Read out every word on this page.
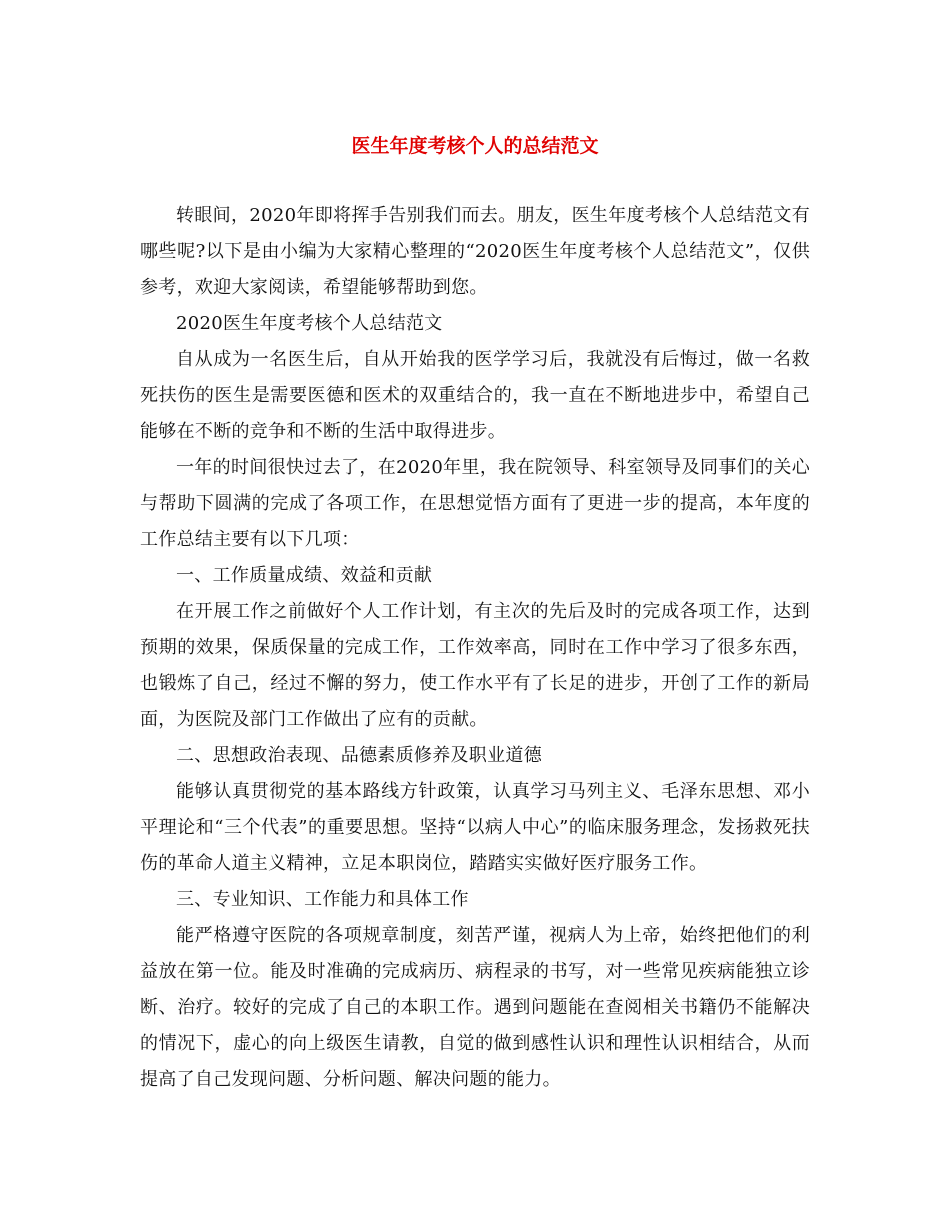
医生年度考核个人的总结范文

转眼间，2020年即将挥手告别我们而去。朋友，医生年度考核个人总结范文有哪些呢?以下是由小编为大家精心整理的“2020医生年度考核个人总结范文”，仅供参考，欢迎大家阅读，希望能够帮助到您。

2020医生年度考核个人总结范文

自从成为一名医生后，自从开始我的医学学习后，我就没有后悔过，做一名救死扶伤的医生是需要医德和医术的双重结合的，我一直在不断地进步中，希望自己能够在不断的竞争和不断的生活中取得进步。

一年的时间很快过去了，在2020年里，我在院领导、科室领导及同事们的关心与帮助下圆满的完成了各项工作，在思想觉悟方面有了更进一步的提高，本年度的工作总结主要有以下几项：

一、工作质量成绩、效益和贡献

在开展工作之前做好个人工作计划，有主次的先后及时的完成各项工作，达到预期的效果，保质保量的完成工作，工作效率高，同时在工作中学习了很多东西，也锻炼了自己，经过不懈的努力，使工作水平有了长足的进步，开创了工作的新局面，为医院及部门工作做出了应有的贡献。

二、思想政治表现、品德素质修养及职业道德

能够认真贯彻党的基本路线方针政策，认真学习马列主义、毛泽东思想、邓小平理论和“三个代表”的重要思想。坚持“以病人中心”的临床服务理念，发扬救死扶伤的革命人道主义精神，立足本职岗位，踏踏实实做好医疗服务工作。

三、专业知识、工作能力和具体工作

能严格遵守医院的各项规章制度，刻苦严谨，视病人为上帝，始终把他们的利益放在第一位。能及时准确的完成病历、病程录的书写，对一些常见疾病能独立诊断、治疗。较好的完成了自己的本职工作。遇到问题能在查阅相关书籍仍不能解决的情况下，虚心的向上级医生请教，自觉的做到感性认识和理性认识相结合，从而提高了自己发现问题、分析问题、解决问题的能力。
